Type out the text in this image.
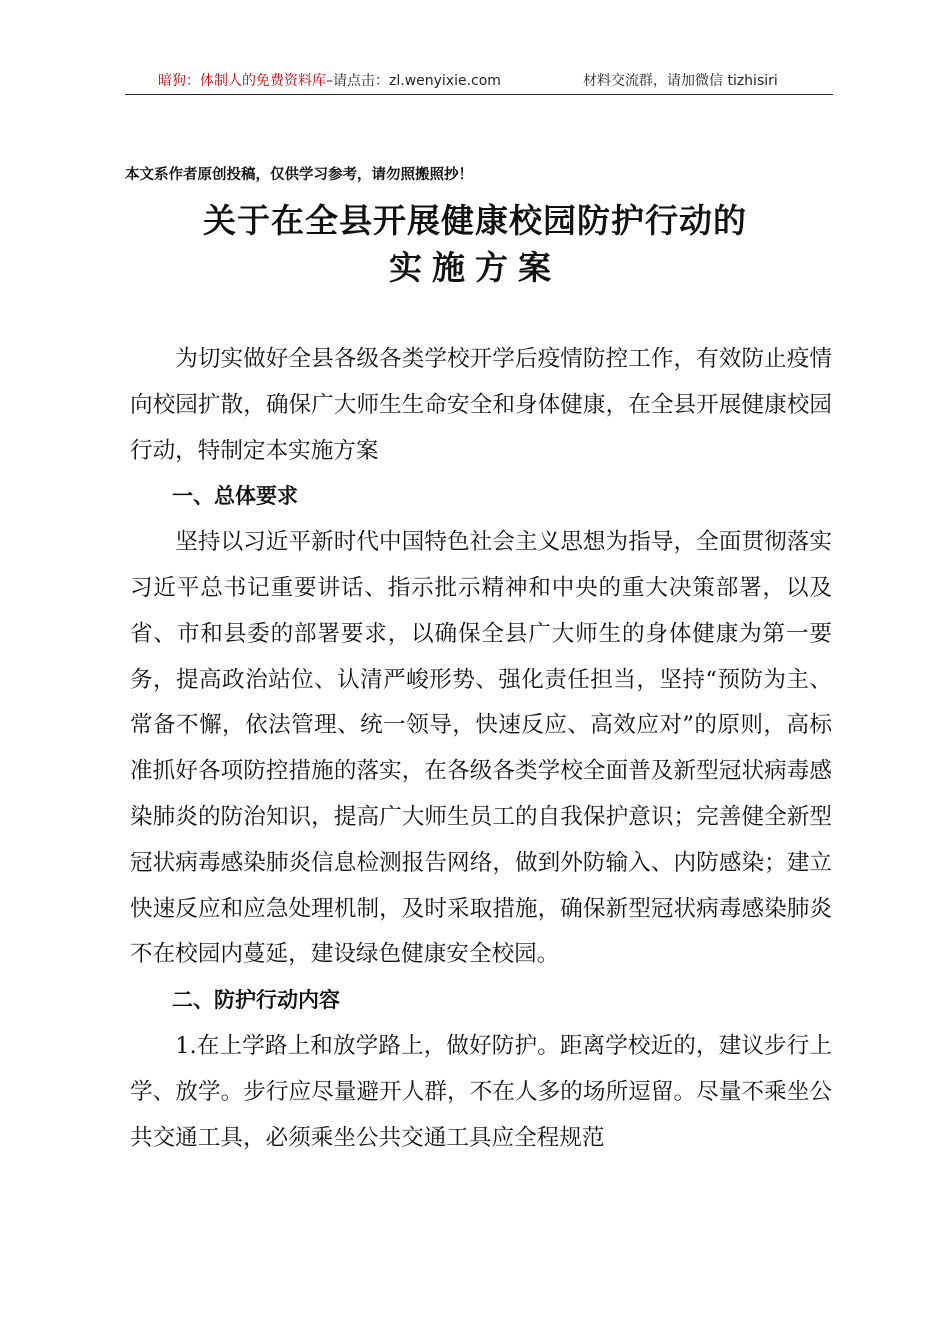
暗狗：体制人的免费资料库–请点击：zl.wenyixie.com	材料交流群，请加微信 tizhisiri
本文系作者原创投稿，仅供学习参考，请勿照搬照抄！
关于在全县开展健康校园防护行动的
实施方案

为切实做好全县各级各类学校开学后疫情防控工作，有效防止疫情向校园扩散，确保广大师生生命安全和身体健康，在全县开展健康校园行动，特制定本实施方案

一、总体要求

坚持以习近平新时代中国特色社会主义思想为指导，全面贯彻落实习近平总书记重要讲话、指示批示精神和中央的重大决策部署，以及省、市和县委的部署要求，以确保全县广大师生的身体健康为第一要务，提高政治站位、认清严峻形势、强化责任担当，坚持“预防为主、常备不懈，依法管理、统一领导，快速反应、高效应对”的原则，高标准抓好各项防控措施的落实，在各级各类学校全面普及新型冠状病毒感染肺炎的防治知识，提高广大师生员工的自我保护意识；完善健全新型冠状病毒感染肺炎信息检测报告网络，做到外防输入、内防感染；建立快速反应和应急处理机制，及时采取措施，确保新型冠状病毒感染肺炎不在校园内蔓延，建设绿色健康安全校园。

二、防护行动内容

1.在上学路上和放学路上，做好防护。距离学校近的，建议步行上学、放学。步行应尽量避开人群，不在人多的场所逗留。尽量不乘坐公共交通工具，必须乘坐公共交通工具应全程规范
